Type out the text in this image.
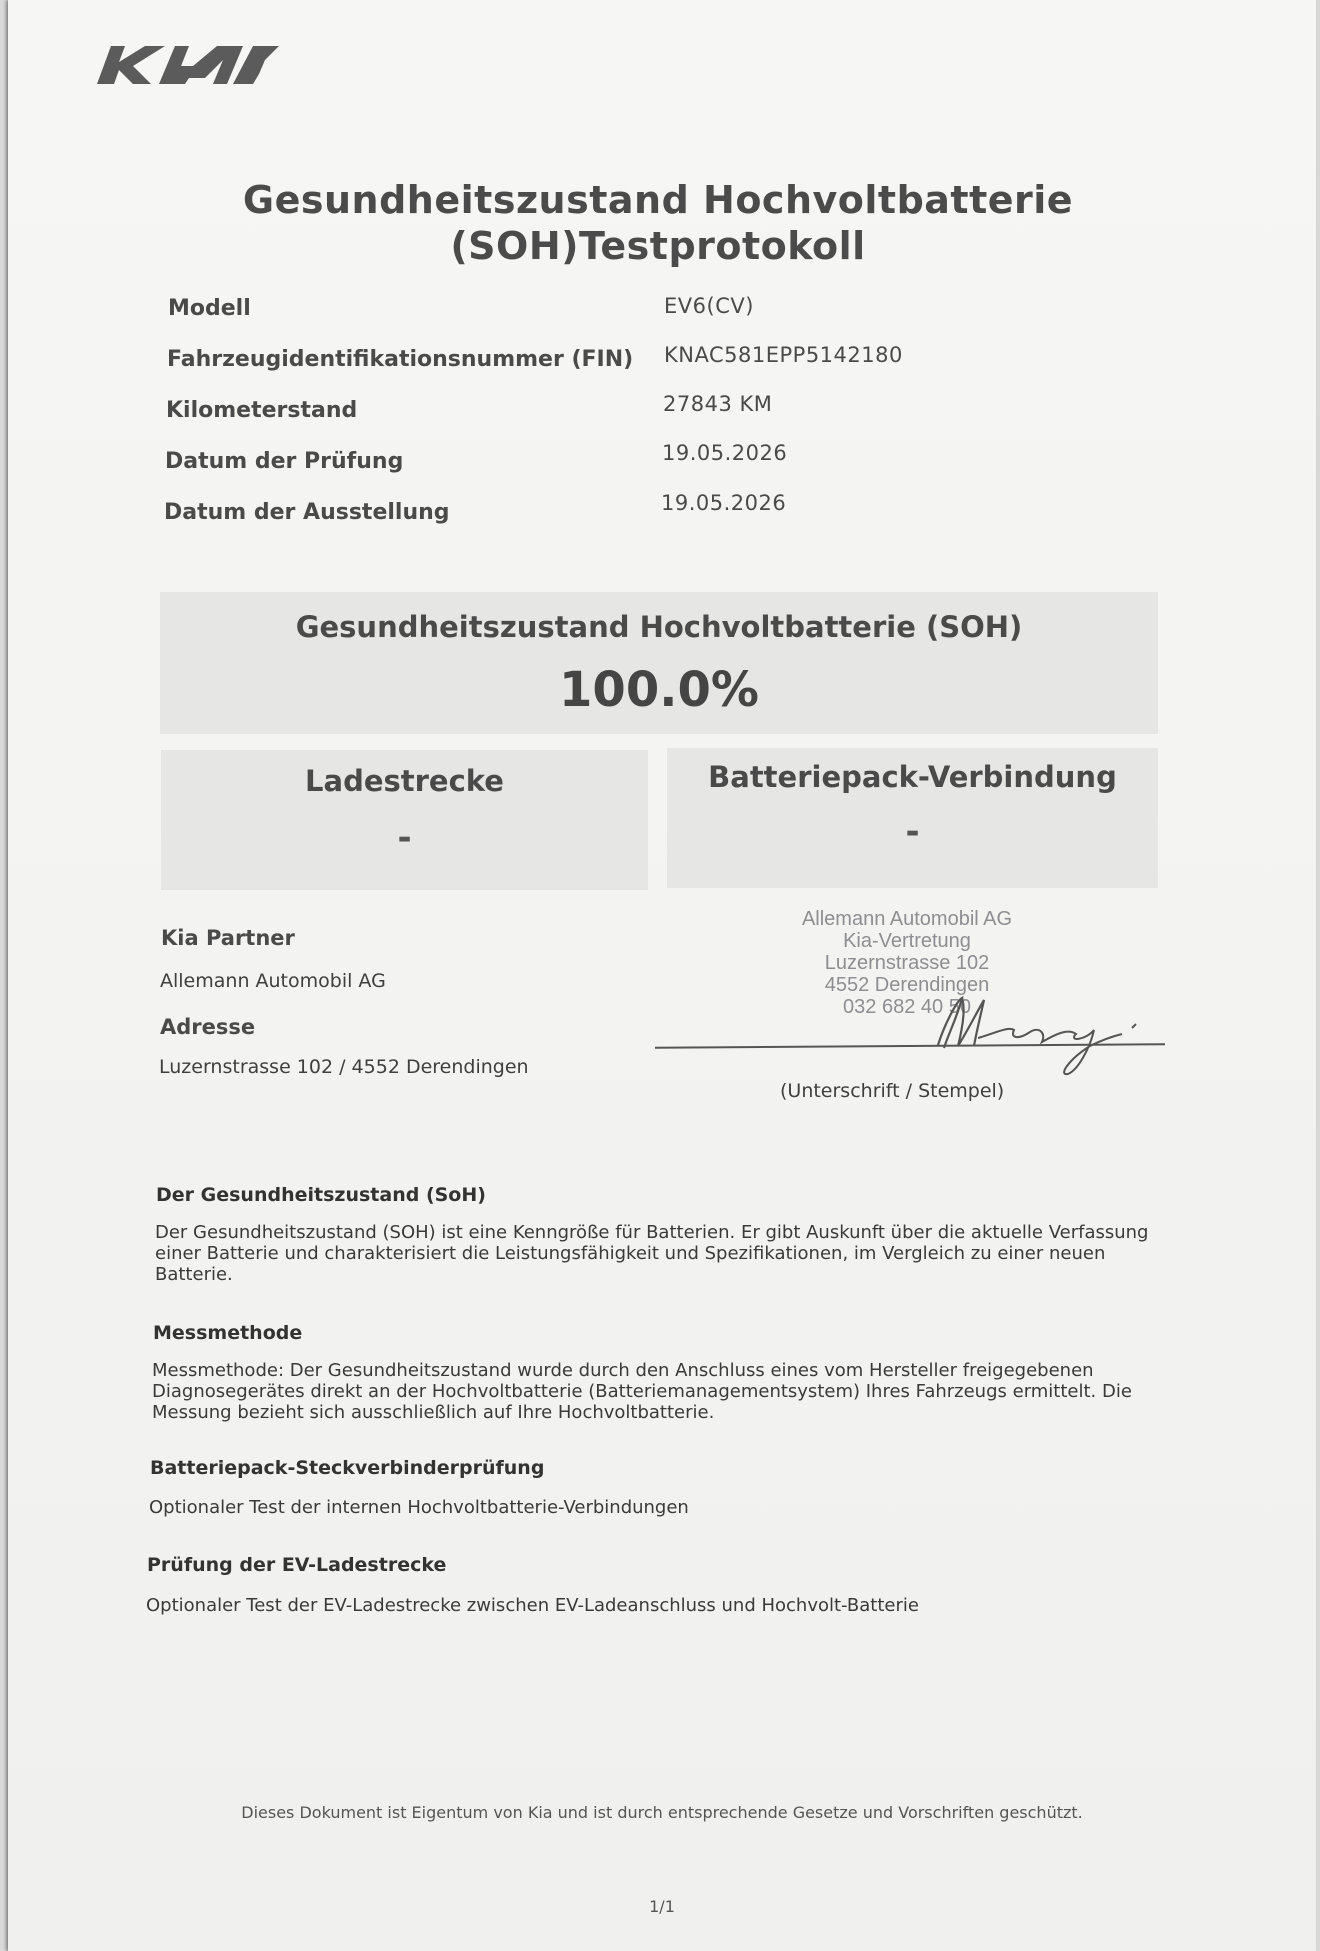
Gesundheitszustand Hochvoltbatterie
(SOH)Testprotokoll
Modell	EV6(CV)
Fahrzeugidentifikationsnummer (FIN) KNAC581EPP5142180
Kilometerstand	27843 KM
Datum der Prüfung	19.05.2026
Datum der Ausstellung	19.05.2026
Gesundheitszustand Hochvoltbatterie (SOH)
100.0%
Ladestrecke
-
Batteriepack-Verbindung
-
Kia Partner
Allemann Automobil AG
Adresse
Luzernstrasse 102 / 4552 Derendingen
Allemann Automobil AG
Kia-Vertretung
Luzernstrasse 102
4552 Derendingen
032 682 40 50
(Unterschrift / Stempel)
Der Gesundheitszustand (SoH)
Der Gesundheitszustand (SOH) ist eine Kenngröße für Batterien. Er gibt Auskunft über die aktuelle Verfassung einer Batterie und charakterisiert die Leistungsfähigkeit und Spezifikationen, im Vergleich zu einer neuen Batterie.
Messmethode
Messmethode: Der Gesundheitszustand wurde durch den Anschluss eines vom Hersteller freigegebenen Diagnosegerätes direkt an der Hochvoltbatterie (Batteriemanagementsystem) Ihres Fahrzeugs ermittelt. Die Messung bezieht sich ausschließlich auf Ihre Hochvoltbatterie.
Batteriepack-Steckverbinderprüfung
Optionaler Test der internen Hochvoltbatterie-Verbindungen
Prüfung der EV-Ladestrecke
Optionaler Test der EV-Ladestrecke zwischen EV-Ladeanschluss und Hochvolt-Batterie
Dieses Dokument ist Eigentum von Kia und ist durch entsprechende Gesetze und Vorschriften geschützt.
1/1
